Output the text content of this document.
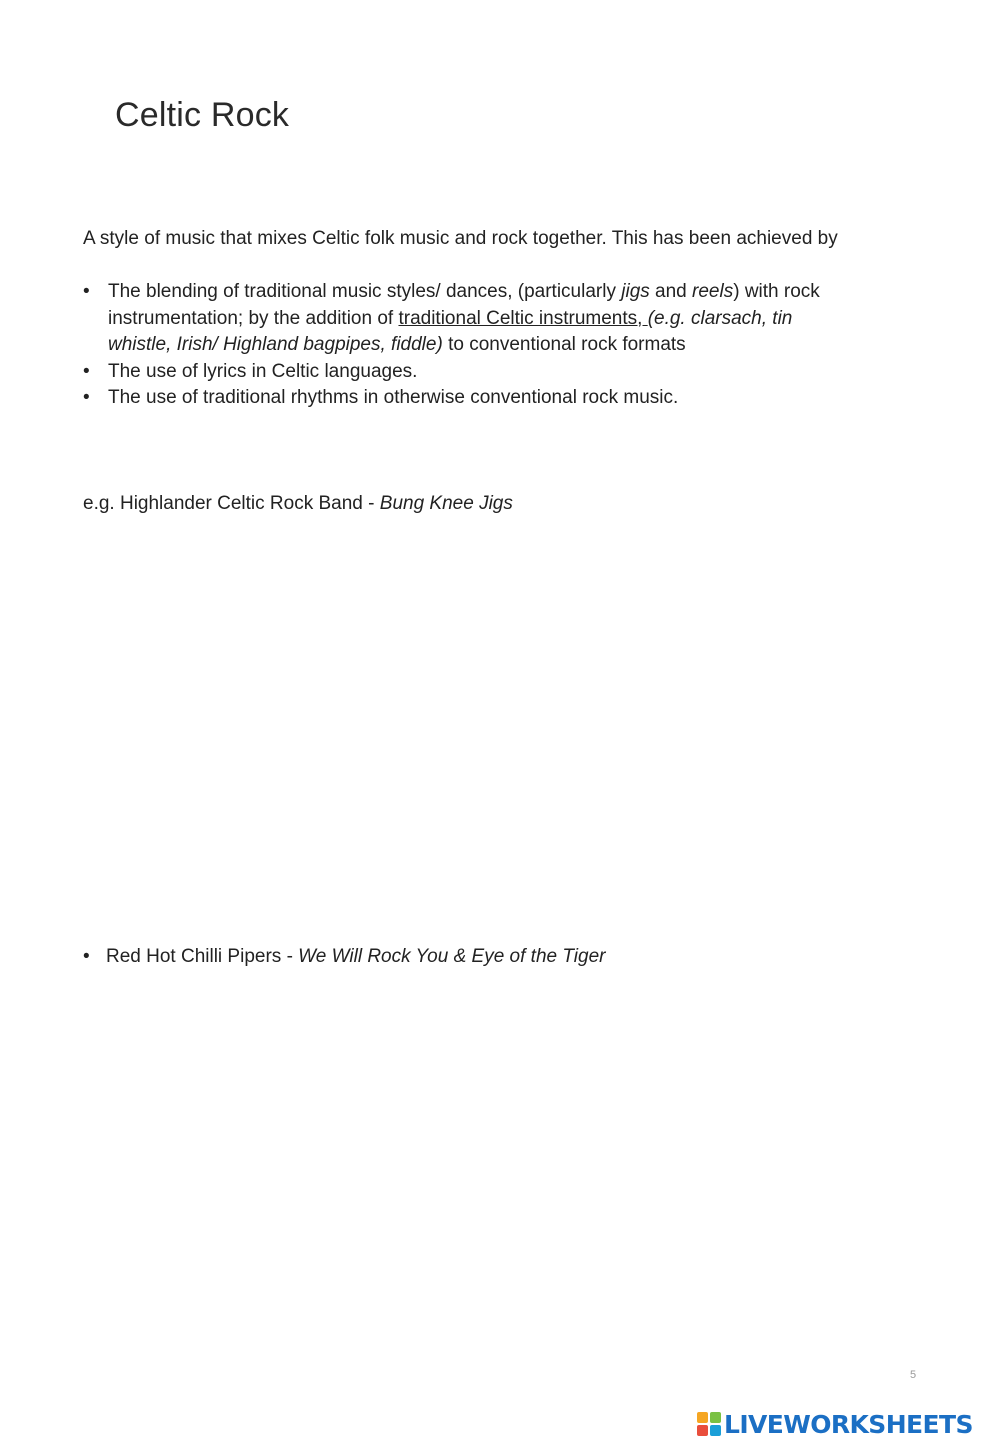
Celtic Rock
A style of music that mixes Celtic folk music and rock together. This has been achieved by
• The blending of traditional music styles/ dances, (particularly jigs and reels) with rock instrumentation; by the addition of traditional Celtic instruments, (e.g. clarsach, tin whistle, Irish/ Highland bagpipes, fiddle) to conventional rock formats
• The use of lyrics in Celtic languages.
• The use of traditional rhythms in otherwise conventional rock music.
e.g. Highlander Celtic Rock Band - Bung Knee Jigs
• Red Hot Chilli Pipers - We Will Rock You & Eye of the Tiger
5
LIVEWORKSHEETS
